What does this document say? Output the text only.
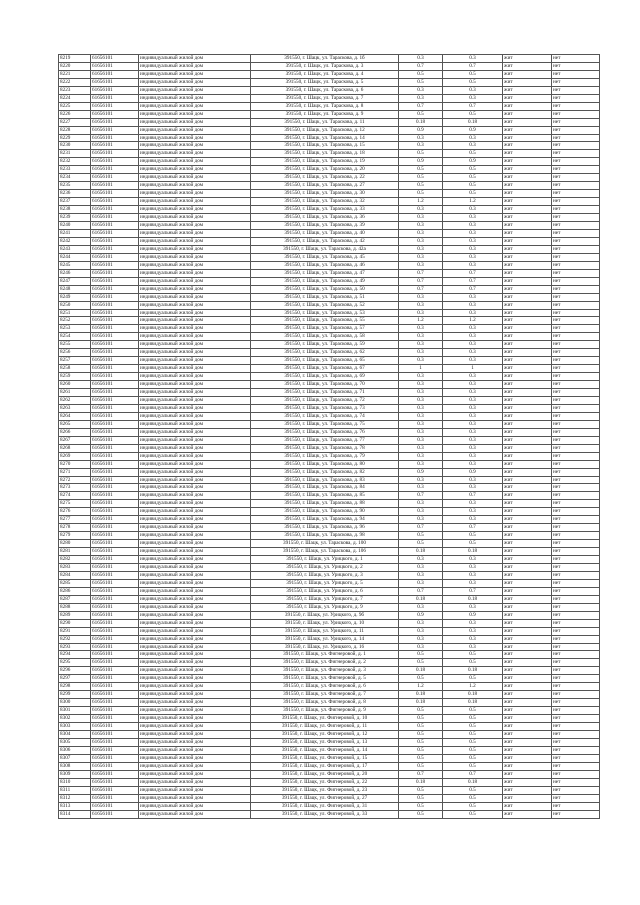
8219	61656101	индивидуальный жилой дом	391550, г. Шацк, ул. Тараскова, д. 1б	0.3	0.3	жит	нет
8220	61656101	индивидуальный жилой дом	391550, г. Шацк, ул. Тараскова, д. 3	0.7	0.7	жит	нет
8221	61656101	индивидуальный жилой дом	391550, г. Шацк, ул. Тараскова, д. 4	0.5	0.5	жит	нет
8222	61656101	индивидуальный жилой дом	391550, г. Шацк, ул. Тараскова, д. 5	0.5	0.5	жит	нет
8223	61656101	индивидуальный жилой дом	391550, г. Шацк, ул. Тараскова, д. 6	0.3	0.3	жит	нет
8224	61656101	индивидуальный жилой дом	391550, г. Шацк, ул. Тараскова, д. 7	0.3	0.3	жит	нет
8225	61656101	индивидуальный жилой дом	391550, г. Шацк, ул. Тараскова, д. 8	0.7	0.7	жит	нет
8226	61656101	индивидуальный жилой дом	391550, г. Шацк, ул. Тараскова, д. 9	0.5	0.5	жит	нет
8227	61656101	индивидуальный жилой дом	391550, г. Шацк, ул. Тараскова, д. 11	0.18	0.18	жит	нет
8228	61656101	индивидуальный жилой дом	391550, г. Шацк, ул. Тараскова, д. 12	0.9	0.9	жит	нет
8229	61656101	индивидуальный жилой дом	391550, г. Шацк, ул. Тараскова, д. 14	0.3	0.3	жит	нет
8230	61656101	индивидуальный жилой дом	391550, г. Шацк, ул. Тараскова, д. 15	0.3	0.3	жит	нет
8231	61656101	индивидуальный жилой дом	391550, г. Шацк, ул. Тараскова, д. 18	0.5	0.5	жит	нет
8232	61656101	индивидуальный жилой дом	391550, г. Шацк, ул. Тараскова, д. 19	0.9	0.9	жит	нет
8233	61656101	индивидуальный жилой дом	391550, г. Шацк, ул. Тараскова, д. 20	0.5	0.5	жит	нет
8234	61656101	индивидуальный жилой дом	391550, г. Шацк, ул. Тараскова, д. 22	0.5	0.5	жит	нет
8235	61656101	индивидуальный жилой дом	391550, г. Шацк, ул. Тараскова, д. 27	0.5	0.5	жит	нет
8236	61656101	индивидуальный жилой дом	391550, г. Шацк, ул. Тараскова, д. 30	0.5	0.5	жит	нет
8237	61656101	индивидуальный жилой дом	391550, г. Шацк, ул. Тараскова, д. 32	1.2	1.2	жит	нет
8238	61656101	индивидуальный жилой дом	391550, г. Шацк, ул. Тараскова, д. 33	0.3	0.3	жит	нет
8239	61656101	индивидуальный жилой дом	391550, г. Шацк, ул. Тараскова, д. 36	0.3	0.3	жит	нет
8240	61656101	индивидуальный жилой дом	391550, г. Шацк, ул. Тараскова, д. 39	0.3	0.3	жит	нет
8241	61656101	индивидуальный жилой дом	391550, г. Шацк, ул. Тараскова, д. 40	0.3	0.3	жит	нет
8242	61656101	индивидуальный жилой дом	391550, г. Шацк, ул. Тараскова, д. 42	0.3	0.3	жит	нет
8243	61656101	индивидуальный жилой дом	391550, г. Шацк, ул. Тараскова, д. 42а	0.3	0.3	жит	нет
8244	61656101	индивидуальный жилой дом	391550, г. Шацк, ул. Тараскова, д. 45	0.3	0.3	жит	нет
8245	61656101	индивидуальный жилой дом	391550, г. Шацк, ул. Тараскова, д. 46	0.3	0.3	жит	нет
8246	61656101	индивидуальный жилой дом	391550, г. Шацк, ул. Тараскова, д. 47	0.7	0.7	жит	нет
8247	61656101	индивидуальный жилой дом	391550, г. Шацк, ул. Тараскова, д. 49	0.7	0.7	жит	нет
8248	61656101	индивидуальный жилой дом	391550, г. Шацк, ул. Тараскова, д. 50	0.7	0.7	жит	нет
8249	61656101	индивидуальный жилой дом	391550, г. Шацк, ул. Тараскова, д. 51	0.3	0.3	жит	нет
8250	61656101	индивидуальный жилой дом	391550, г. Шацк, ул. Тараскова, д. 52	0.3	0.3	жит	нет
8251	61656101	индивидуальный жилой дом	391550, г. Шацк, ул. Тараскова, д. 53	0.3	0.3	жит	нет
8252	61656101	индивидуальный жилой дом	391550, г. Шацк, ул. Тараскова, д. 55	1.2	1.2	жит	нет
8253	61656101	индивидуальный жилой дом	391550, г. Шацк, ул. Тараскова, д. 57	0.3	0.3	жит	нет
8254	61656101	индивидуальный жилой дом	391550, г. Шацк, ул. Тараскова, д. 58	0.3	0.3	жит	нет
8255	61656101	индивидуальный жилой дом	391550, г. Шацк, ул. Тараскова, д. 59	0.3	0.3	жит	нет
8256	61656101	индивидуальный жилой дом	391550, г. Шацк, ул. Тараскова, д. 62	0.3	0.3	жит	нет
8257	61656101	индивидуальный жилой дом	391550, г. Шацк, ул. Тараскова, д. 65	0.3	0.3	жит	нет
8258	61656101	индивидуальный жилой дом	391550, г. Шацк, ул. Тараскова, д. 67	1	1	жит	нет
8259	61656101	индивидуальный жилой дом	391550, г. Шацк, ул. Тараскова, д. 69	0.3	0.3	жит	нет
8260	61656101	индивидуальный жилой дом	391550, г. Шацк, ул. Тараскова, д. 70	0.3	0.3	жит	нет
8261	61656101	индивидуальный жилой дом	391550, г. Шацк, ул. Тараскова, д. 71	0.3	0.3	жит	нет
8262	61656101	индивидуальный жилой дом	391550, г. Шацк, ул. Тараскова, д. 72	0.3	0.3	жит	нет
8263	61656101	индивидуальный жилой дом	391550, г. Шацк, ул. Тараскова, д. 73	0.3	0.3	жит	нет
8264	61656101	индивидуальный жилой дом	391550, г. Шацк, ул. Тараскова, д. 74	0.3	0.3	жит	нет
8265	61656101	индивидуальный жилой дом	391550, г. Шацк, ул. Тараскова, д. 75	0.3	0.3	жит	нет
8266	61656101	индивидуальный жилой дом	391550, г. Шацк, ул. Тараскова, д. 76	0.3	0.3	жит	нет
8267	61656101	индивидуальный жилой дом	391550, г. Шацк, ул. Тараскова, д. 77	0.3	0.3	жит	нет
8268	61656101	индивидуальный жилой дом	391550, г. Шацк, ул. Тараскова, д. 78	0.3	0.3	жит	нет
8269	61656101	индивидуальный жилой дом	391550, г. Шацк, ул. Тараскова, д. 79	0.3	0.3	жит	нет
8270	61656101	индивидуальный жилой дом	391550, г. Шацк, ул. Тараскова, д. 80	0.3	0.3	жит	нет
8271	61656101	индивидуальный жилой дом	391550, г. Шацк, ул. Тараскова, д. 82	0.9	0.9	жит	нет
8272	61656101	индивидуальный жилой дом	391550, г. Шацк, ул. Тараскова, д. 83	0.3	0.3	жит	нет
8273	61656101	индивидуальный жилой дом	391550, г. Шацк, ул. Тараскова, д. 84	0.3	0.3	жит	нет
8274	61656101	индивидуальный жилой дом	391550, г. Шацк, ул. Тараскова, д. 85	0.7	0.7	жит	нет
8275	61656101	индивидуальный жилой дом	391550, г. Шацк, ул. Тараскова, д. 88	0.3	0.3	жит	нет
8276	61656101	индивидуальный жилой дом	391550, г. Шацк, ул. Тараскова, д. 90	0.3	0.3	жит	нет
8277	61656101	индивидуальный жилой дом	391550, г. Шацк, ул. Тараскова, д. 94	0.3	0.3	жит	нет
8278	61656101	индивидуальный жилой дом	391550, г. Шацк, ул. Тараскова, д. 96	0.7	0.7	жит	нет
8279	61656101	индивидуальный жилой дом	391550, г. Шацк, ул. Тараскова, д. 98	0.5	0.5	жит	нет
8280	61656101	индивидуальный жилой дом	391550, г. Шацк, ул. Тараскова, д. 100	0.5	0.5	жит	нет
8281	61656101	индивидуальный жилой дом	391550, г. Шацк, ул. Тараскова, д. 106	0.18	0.18	жит	нет
8282	61656101	индивидуальный жилой дом	391550, г. Шацк, ул. Урицкого, д. 1	0.3	0.3	жит	нет
8283	61656101	индивидуальный жилой дом	391550, г. Шацк, ул. Урицкого, д. 2	0.3	0.3	жит	нет
8284	61656101	индивидуальный жилой дом	391550, г. Шацк, ул. Урицкого, д. 3	0.3	0.3	жит	нет
8285	61656101	индивидуальный жилой дом	391550, г. Шацк, ул. Урицкого, д. 5	0.3	0.3	жит	нет
8286	61656101	индивидуальный жилой дом	391550, г. Шацк, ул. Урицкого, д. 6	0.7	0.7	жит	нет
8287	61656101	индивидуальный жилой дом	391550, г. Шацк, ул. Урицкого, д. 7	0.18	0.18	жит	нет
8288	61656101	индивидуальный жилой дом	391550, г. Шацк, ул. Урицкого, д. 9	0.3	0.3	жит	нет
8289	61656101	индивидуальный жилой дом	391550, г. Шацк, ул. Урицкого, д. 9б	0.9	0.9	жит	нет
8290	61656101	индивидуальный жилой дом	391550, г. Шацк, ул. Урицкого, д. 10	0.3	0.3	жит	нет
8291	61656101	индивидуальный жилой дом	391550, г. Шацк, ул. Урицкого, д. 11	0.3	0.3	жит	нет
8292	61656101	индивидуальный жилой дом	391550, г. Шацк, ул. Урицкого, д. 14	0.3	0.3	жит	нет
8293	61656101	индивидуальный жилой дом	391550, г. Шацк, ул. Урицкого, д. 16	0.3	0.3	жит	нет
8294	61656101	индивидуальный жилой дом	391550, г. Шацк, ул. Фигнеровой, д. 1	0.5	0.5	жит	нет
8295	61656101	индивидуальный жилой дом	391550, г. Шацк, ул. Фигнеровой, д. 2	0.5	0.5	жит	нет
8296	61656101	индивидуальный жилой дом	391550, г. Шацк, ул. Фигнеровой, д. 3	0.18	0.18	жит	нет
8297	61656101	индивидуальный жилой дом	391550, г. Шацк, ул. Фигнеровой, д. 5	0.5	0.5	жит	нет
8298	61656101	индивидуальный жилой дом	391550, г. Шацк, ул. Фигнеровой, д. 6	1.2	1.2	жит	нет
8299	61656101	индивидуальный жилой дом	391550, г. Шацк, ул. Фигнеровой, д. 7	0.18	0.18	жит	нет
8300	61656101	индивидуальный жилой дом	391550, г. Шацк, ул. Фигнеровой, д. 8	0.18	0.18	жит	нет
8301	61656101	индивидуальный жилой дом	391550, г. Шацк, ул. Фигнеровой, д. 9	0.5	0.5	жит	нет
8302	61656101	индивидуальный жилой дом	391550, г. Шацк, ул. Фигнеровой, д. 10	0.5	0.5	жит	нет
8303	61656101	индивидуальный жилой дом	391550, г. Шацк, ул. Фигнеровой, д. 11	0.5	0.5	жит	нет
8304	61656101	индивидуальный жилой дом	391550, г. Шацк, ул. Фигнеровой, д. 12	0.5	0.5	жит	нет
8305	61656101	индивидуальный жилой дом	391550, г. Шацк, ул. Фигнеровой, д. 13	0.5	0.5	жит	нет
8306	61656101	индивидуальный жилой дом	391550, г. Шацк, ул. Фигнеровой, д. 14	0.5	0.5	жит	нет
8307	61656101	индивидуальный жилой дом	391550, г. Шацк, ул. Фигнеровой, д. 15	0.5	0.5	жит	нет
8308	61656101	индивидуальный жилой дом	391550, г. Шацк, ул. Фигнеровой, д. 17	0.5	0.5	жит	нет
8309	61656101	индивидуальный жилой дом	391550, г. Шацк, ул. Фигнеровой, д. 20	0.7	0.7	жит	нет
8310	61656101	индивидуальный жилой дом	391550, г. Шацк, ул. Фигнеровой, д. 22	0.18	0.18	жит	нет
8311	61656101	индивидуальный жилой дом	391550, г. Шацк, ул. Фигнеровой, д. 23	0.5	0.5	жит	нет
8312	61656101	индивидуальный жилой дом	391550, г. Шацк, ул. Фигнеровой, д. 27	0.5	0.5	жит	нет
8313	61656101	индивидуальный жилой дом	391550, г. Шацк, ул. Фигнеровой, д. 31	0.5	0.5	жит	нет
8314	61656101	индивидуальный жилой дом	391550, г. Шацк, ул. Фигнеровой, д. 33	0.5	0.5	жит	нет
